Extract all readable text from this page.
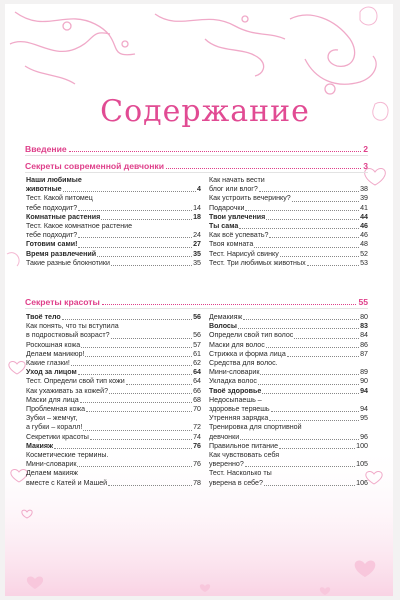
Содержание
Введение	2
Секреты современной девчонки	3
Наши любимые
животные	4
Тест. Какой питомец
тебе подходит?	14
Комнатные растения	18
Тест. Какое комнатное растение
тебе подходит?	24
Готовим сами!	27
Время развлечений	35
Такие разные блокнотики	35
Как начать вести
блог или влог?	38
Как устроить вечеринку?	39
Подарочки	41
Твои увлечения	44
Ты сама	46
Как всё успевать?	46
Твоя комната	48
Тест. Нарисуй свинку	52
Тест. Три любимых животных	53
Секреты красоты	55
Твоё тело	56
Как понять, что ты вступила
в подростковый возраст?	56
Роскошная кожа	57
Делаем маникюр!	61
Какие глазки!	62
Уход за лицом	64
Тест. Определи свой тип кожи	64
Как ухаживать за кожей?	66
Маски для лица	68
Проблемная кожа	70
Зубки – жемчуг,
а губки – коралл!	72
Секретики красоты	74
Макияж	76
Косметические термины.
Мини-словарик	76
Делаем макияж
вместе с Катей и Машей	78
Демакияж	80
Волосы	83
Определи свой тип волос	84
Маски для волос	86
Стрижка и форма лица	87
Средства для волос.
Мини-словарик	89
Укладка волос	90
Твоё здоровье	94
Недосыпаешь –
здоровье теряешь	94
Утренняя зарядка	95
Тренировка для спортивной
девчонки	96
Правильное питание	100
Как чувствовать себя
уверенно?	105
Тест. Насколько ты
уверена в себе?	106
